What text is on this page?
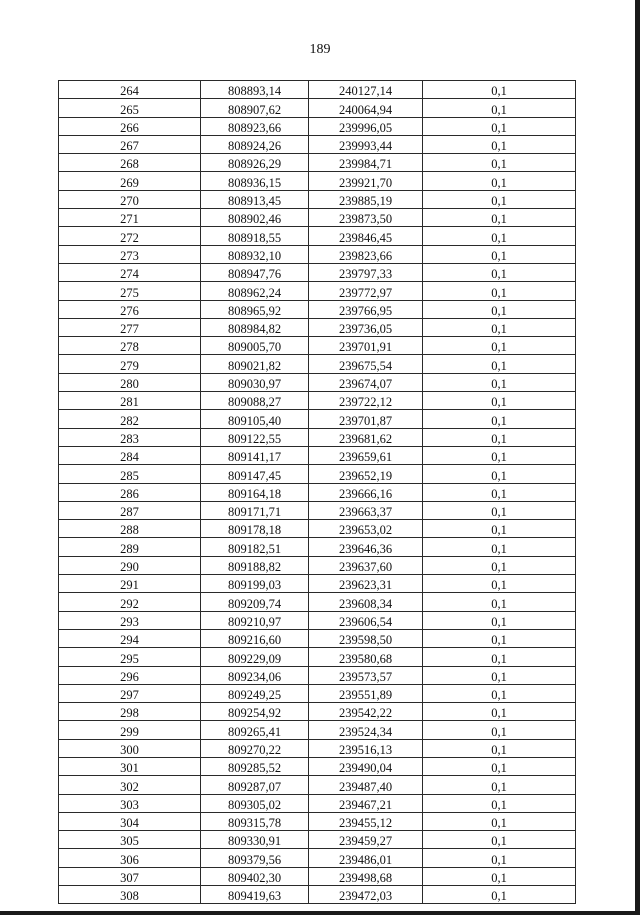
189
264	808893,14	240127,14	0,1
265	808907,62	240064,94	0,1
266	808923,66	239996,05	0,1
267	808924,26	239993,44	0,1
268	808926,29	239984,71	0,1
269	808936,15	239921,70	0,1
270	808913,45	239885,19	0,1
271	808902,46	239873,50	0,1
272	808918,55	239846,45	0,1
273	808932,10	239823,66	0,1
274	808947,76	239797,33	0,1
275	808962,24	239772,97	0,1
276	808965,92	239766,95	0,1
277	808984,82	239736,05	0,1
278	809005,70	239701,91	0,1
279	809021,82	239675,54	0,1
280	809030,97	239674,07	0,1
281	809088,27	239722,12	0,1
282	809105,40	239701,87	0,1
283	809122,55	239681,62	0,1
284	809141,17	239659,61	0,1
285	809147,45	239652,19	0,1
286	809164,18	239666,16	0,1
287	809171,71	239663,37	0,1
288	809178,18	239653,02	0,1
289	809182,51	239646,36	0,1
290	809188,82	239637,60	0,1
291	809199,03	239623,31	0,1
292	809209,74	239608,34	0,1
293	809210,97	239606,54	0,1
294	809216,60	239598,50	0,1
295	809229,09	239580,68	0,1
296	809234,06	239573,57	0,1
297	809249,25	239551,89	0,1
298	809254,92	239542,22	0,1
299	809265,41	239524,34	0,1
300	809270,22	239516,13	0,1
301	809285,52	239490,04	0,1
302	809287,07	239487,40	0,1
303	809305,02	239467,21	0,1
304	809315,78	239455,12	0,1
305	809330,91	239459,27	0,1
306	809379,56	239486,01	0,1
307	809402,30	239498,68	0,1
308	809419,63	239472,03	0,1
